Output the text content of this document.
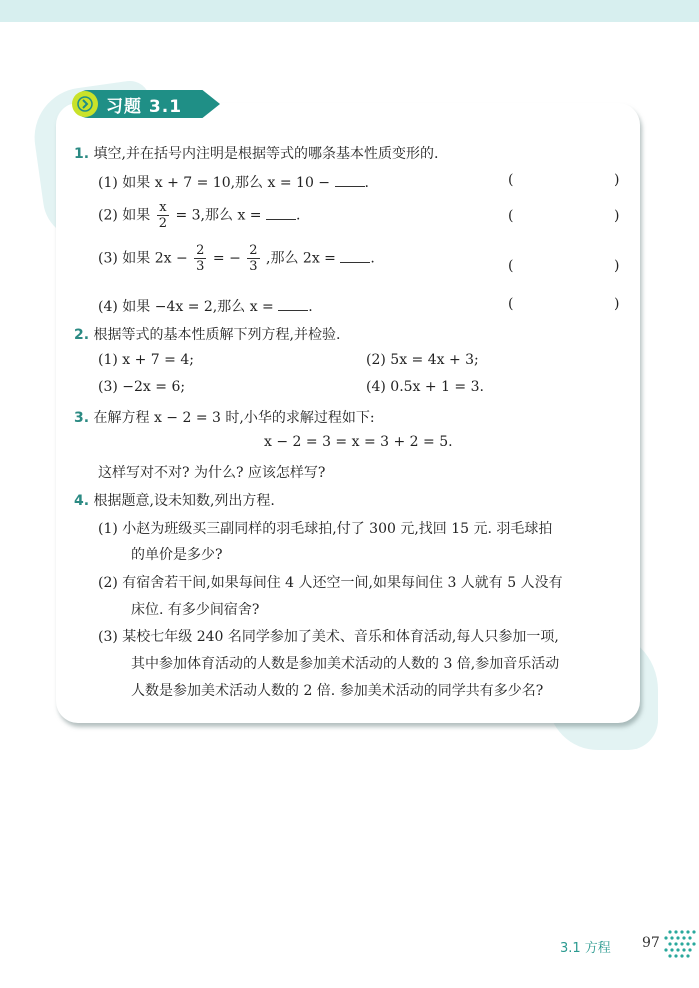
习题 3.1
1. 填空,并在括号内注明是根据等式的哪条基本性质变形的.
(1) 如果 x + 7 = 10,那么 x = 10 − .	(	)
(2) 如果 $\frac{x}{2} = 3$,那么 x = .	(	)
(3) 如果 $2x - \frac{2}{3}$ = − $\frac{2}{3}$ ,那么 2x = .	(	)
(4) 如果 −4x = 2,那么 x = .	(	)
2. 根据等式的基本性质解下列方程,并检验.
(1) x + 7 = 4;	(2) 5x = 4x + 3;
(3) −2x = 6;	(4) 0.5x + 1 = 3.
3. 在解方程 x − 2 = 3 时,小华的求解过程如下:
x − 2 = 3 = x = 3 + 2 = 5.
这样写对不对? 为什么? 应该怎样写?
4. 根据题意,设未知数,列出方程.
(1) 小赵为班级买三副同样的羽毛球拍,付了 300 元,找回 15 元. 羽毛球拍
的单价是多少?
(2) 有宿舍若干间,如果每间住 4 人还空一间,如果每间住 3 人就有 5 人没有
床位. 有多少间宿舍?
(3) 某校七年级 240 名同学参加了美术、音乐和体育活动,每人只参加一项,
其中参加体育活动的人数是参加美术活动的人数的 3 倍,参加音乐活动
人数是参加美术活动人数的 2 倍. 参加美术活动的同学共有多少名?
3.1 方程 97
